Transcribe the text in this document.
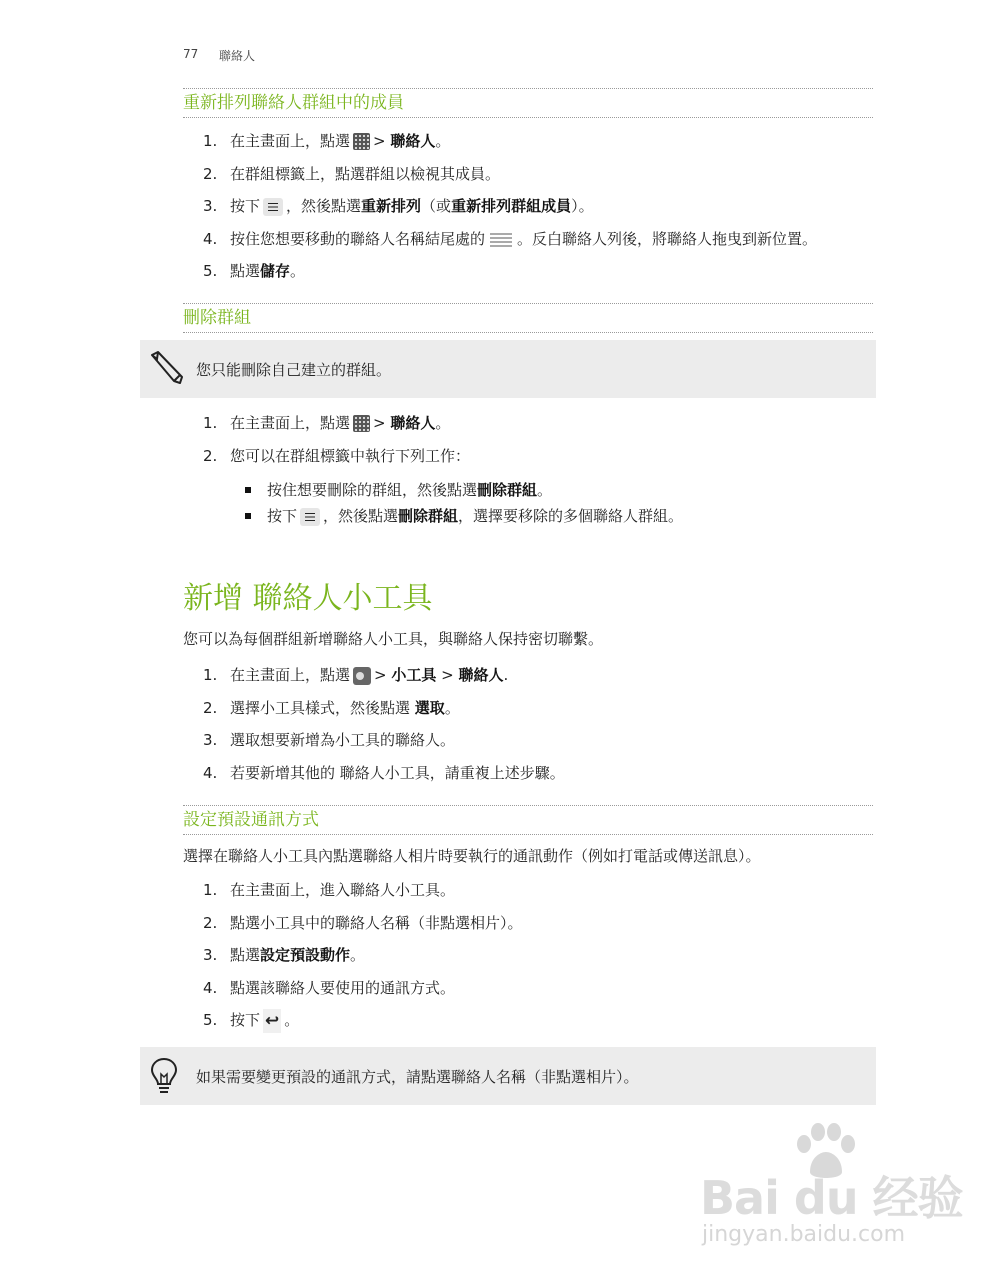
77 聯絡人
重新排列聯絡人群組中的成員
1. 在主畫面上，點選 > 聯絡人。
2. 在群組標籤上，點選群組以檢視其成員。
3. 按下 ，然後點選重新排列（或重新排列群組成員）。
4. 按住您想要移動的聯絡人名稱結尾處的 。反白聯絡人列後，將聯絡人拖曳到新位置。
5. 點選儲存。
刪除群組
您只能刪除自己建立的群組。
1. 在主畫面上，點選 > 聯絡人。
2. 您可以在群組標籤中執行下列工作：
按住想要刪除的群組，然後點選刪除群組。
按下 ，然後點選刪除群組，選擇要移除的多個聯絡人群組。
新增 聯絡人小工具
您可以為每個群組新增聯絡人小工具，與聯絡人保持密切聯繫。
1. 在主畫面上，點選 > 小工具 > 聯絡人.
2. 選擇小工具樣式，然後點選 選取。
3. 選取想要新增為小工具的聯絡人。
4. 若要新增其他的 聯絡人小工具，請重複上述步驟。
設定預設通訊方式
選擇在聯絡人小工具內點選聯絡人相片時要執行的通訊動作（例如打電話或傳送訊息）。
1. 在主畫面上，進入聯絡人小工具。
2. 點選小工具中的聯絡人名稱（非點選相片）。
3. 點選設定預設動作。
4. 點選該聯絡人要使用的通訊方式。
5. 按下 ↩ 。
如果需要變更預設的通訊方式，請點選聯絡人名稱（非點選相片）。
Bai du 经验
jingyan.baidu.com
